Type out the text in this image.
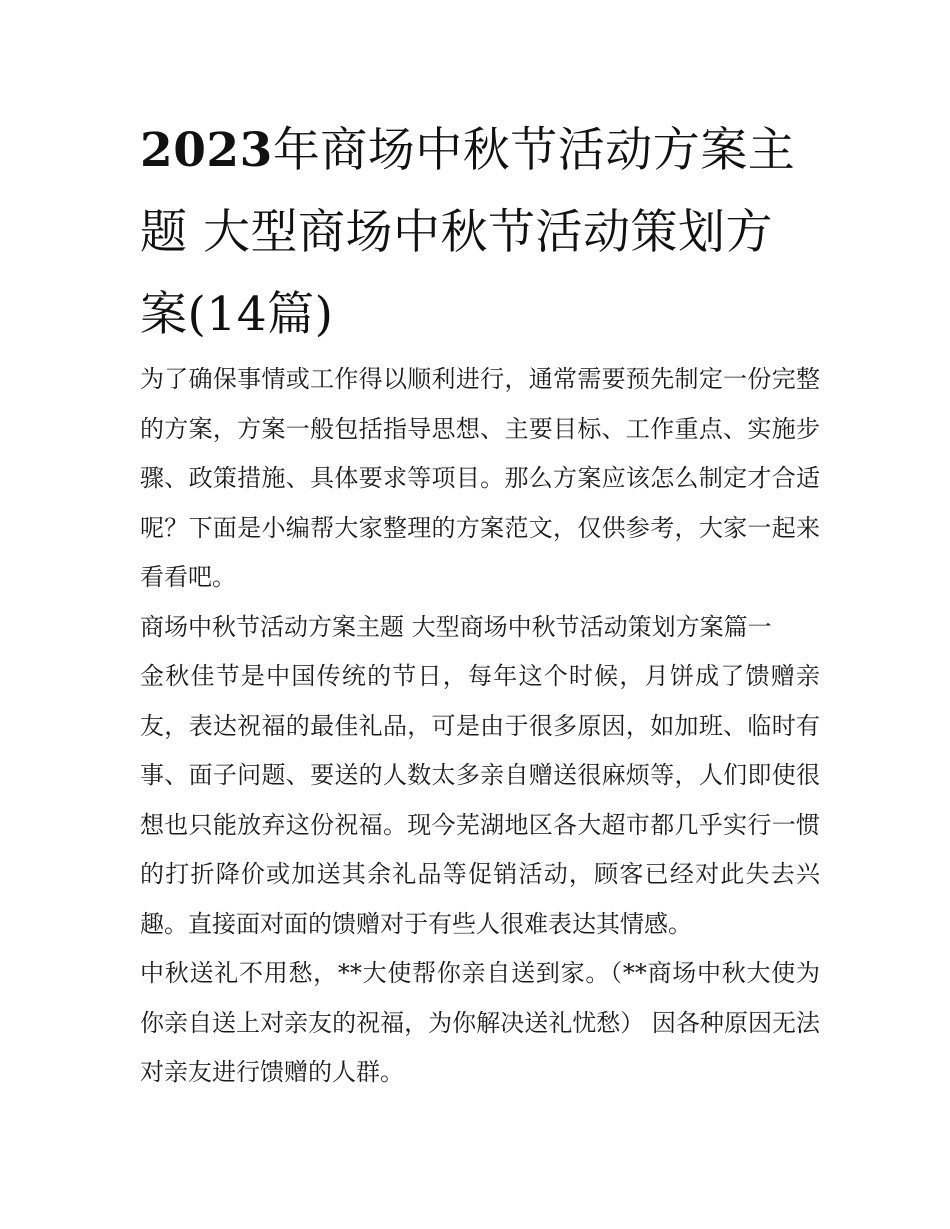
2023年商场中秋节活动方案主题 大型商场中秋节活动策划方案(14篇)

为了确保事情或工作得以顺利进行，通常需要预先制定一份完整的方案，方案一般包括指导思想、主要目标、工作重点、实施步骤、政策措施、具体要求等项目。那么方案应该怎么制定才合适呢？下面是小编帮大家整理的方案范文，仅供参考，大家一起来看看吧。

商场中秋节活动方案主题 大型商场中秋节活动策划方案篇一

金秋佳节是中国传统的节日，每年这个时候，月饼成了馈赠亲友，表达祝福的最佳礼品，可是由于很多原因，如加班、临时有事、面子问题、要送的人数太多亲自赠送很麻烦等，人们即使很想也只能放弃这份祝福。现今芜湖地区各大超市都几乎实行一惯的打折降价或加送其余礼品等促销活动，顾客已经对此失去兴趣。直接面对面的馈赠对于有些人很难表达其情感。

中秋送礼不用愁，**大使帮你亲自送到家。（**商场中秋大使为你亲自送上对亲友的祝福，为你解决送礼忧愁） 因各种原因无法对亲友进行馈赠的人群。
